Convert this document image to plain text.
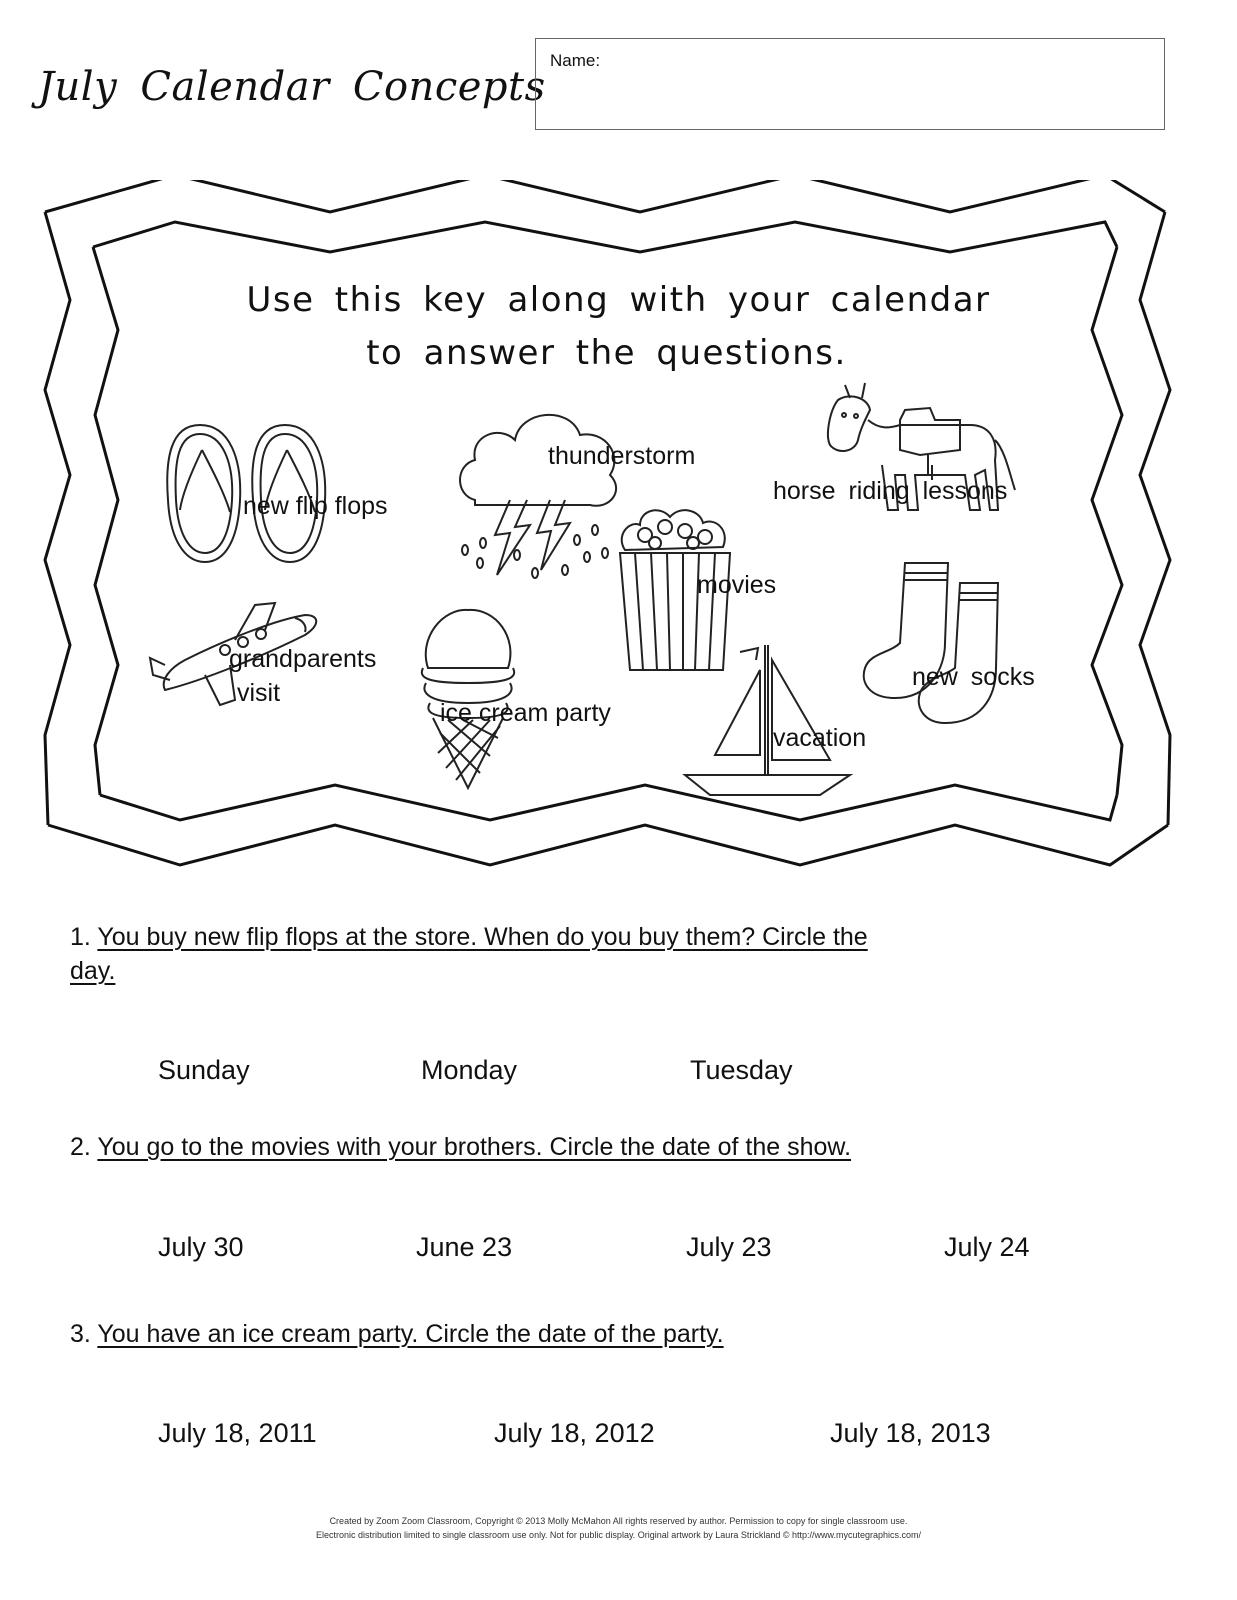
July Calendar Concepts
Name:
Use this key along with your calendar
to answer the questions.
new flip flops
thunderstorm
horse riding lessons
movies
new socks
grandparents
visit
ice cream party
vacation
1. You buy new flip flops at the store. When do you buy them? Circle the
day.
Sunday	Monday	Tuesday
2. You go to the movies with your brothers. Circle the date of the show.
July 30	June 23	July 23	July 24
3. You have an ice cream party. Circle the date of the party.
July 18, 2011	July 18, 2012	July 18, 2013
Created by Zoom Zoom Classroom, Copyright © 2013 Molly McMahon All rights reserved by author. Permission to copy for single classroom use.
Electronic distribution limited to single classroom use only. Not for public display. Original artwork by Laura Strickland © http://www.mycutegraphics.com/
